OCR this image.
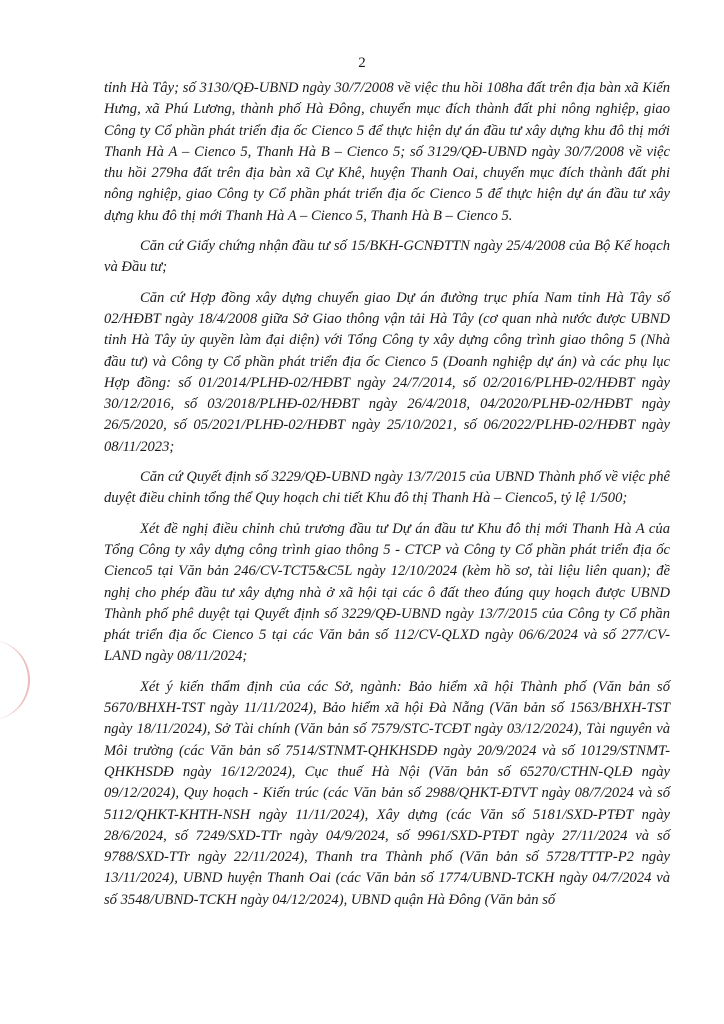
2

tỉnh Hà Tây; số 3130/QĐ-UBND ngày 30/7/2008 về việc thu hồi 108ha đất trên địa bàn xã Kiến Hưng, xã Phú Lương, thành phố Hà Đông, chuyển mục đích thành đất phi nông nghiệp, giao Công ty Cổ phần phát triển địa ốc Cienco 5 để thực hiện dự án đầu tư xây dựng khu đô thị mới Thanh Hà A – Cienco 5, Thanh Hà B – Cienco 5; số 3129/QĐ-UBND ngày 30/7/2008 về việc thu hồi 279ha đất trên địa bàn xã Cự Khê, huyện Thanh Oai, chuyển mục đích thành đất phi nông nghiệp, giao Công ty Cổ phần phát triển địa ốc Cienco 5 để thực hiện dự án đầu tư xây dựng khu đô thị mới Thanh Hà A – Cienco 5, Thanh Hà B – Cienco 5.

Căn cứ Giấy chứng nhận đầu tư số 15/BKH-GCNĐTTN ngày 25/4/2008 của Bộ Kế hoạch và Đầu tư;

Căn cứ Hợp đồng xây dựng chuyển giao Dự án đường trục phía Nam tỉnh Hà Tây số 02/HĐBT ngày 18/4/2008 giữa Sở Giao thông vận tải Hà Tây (cơ quan nhà nước được UBND tỉnh Hà Tây ủy quyền làm đại diện) với Tổng Công ty xây dựng công trình giao thông 5 (Nhà đầu tư) và Công ty Cổ phần phát triển địa ốc Cienco 5 (Doanh nghiệp dự án) và các phụ lục Hợp đồng: số 01/2014/PLHĐ-02/HĐBT ngày 24/7/2014, số 02/2016/PLHĐ-02/HĐBT ngày 30/12/2016, số 03/2018/PLHĐ-02/HĐBT ngày 26/4/2018, 04/2020/PLHĐ-02/HĐBT ngày 26/5/2020, số 05/2021/PLHĐ-02/HĐBT ngày 25/10/2021, số 06/2022/PLHĐ-02/HĐBT ngày 08/11/2023;

Căn cứ Quyết định số 3229/QĐ-UBND ngày 13/7/2015 của UBND Thành phố về việc phê duyệt điều chỉnh tổng thể Quy hoạch chi tiết Khu đô thị Thanh Hà – Cienco5, tỷ lệ 1/500;

Xét đề nghị điều chỉnh chủ trương đầu tư Dự án đầu tư Khu đô thị mới Thanh Hà A của Tổng Công ty xây dựng công trình giao thông 5 - CTCP và Công ty Cổ phần phát triển địa ốc Cienco5 tại Văn bản 246/CV-TCT5&C5L ngày 12/10/2024 (kèm hồ sơ, tài liệu liên quan); đề nghị cho phép đầu tư xây dựng nhà ở xã hội tại các ô đất theo đúng quy hoạch được UBND Thành phố phê duyệt tại Quyết định số 3229/QĐ-UBND ngày 13/7/2015 của Công ty Cổ phần phát triển địa ốc Cienco 5 tại các Văn bản số 112/CV-QLXD ngày 06/6/2024 và số 277/CV-LAND ngày 08/11/2024;

Xét ý kiến thẩm định của các Sở, ngành: Bảo hiểm xã hội Thành phố (Văn bản số 5670/BHXH-TST ngày 11/11/2024), Bảo hiểm xã hội Đà Nẵng (Văn bản số 1563/BHXH-TST ngày 18/11/2024), Sở Tài chính (Văn bản số 7579/STC-TCĐT ngày 03/12/2024), Tài nguyên và Môi trường (các Văn bản số 7514/STNMT-QHKHSDĐ ngày 20/9/2024 và số 10129/STNMT-QHKHSDĐ ngày 16/12/2024), Cục thuế Hà Nội (Văn bản số 65270/CTHN-QLĐ ngày 09/12/2024), Quy hoạch - Kiến trúc (các Văn bản số 2988/QHKT-ĐTVT ngày 08/7/2024 và số 5112/QHKT-KHTH-NSH ngày 11/11/2024), Xây dựng (các Văn số 5181/SXD-PTĐT ngày 28/6/2024, số 7249/SXD-TTr ngày 04/9/2024, số 9961/SXD-PTĐT ngày 27/11/2024 và số 9788/SXD-TTr ngày 22/11/2024), Thanh tra Thành phố (Văn bản số 5728/TTTP-P2 ngày 13/11/2024), UBND huyện Thanh Oai (các Văn bản số 1774/UBND-TCKH ngày 04/7/2024 và số 3548/UBND-TCKH ngày 04/12/2024), UBND quận Hà Đông (Văn bản số
